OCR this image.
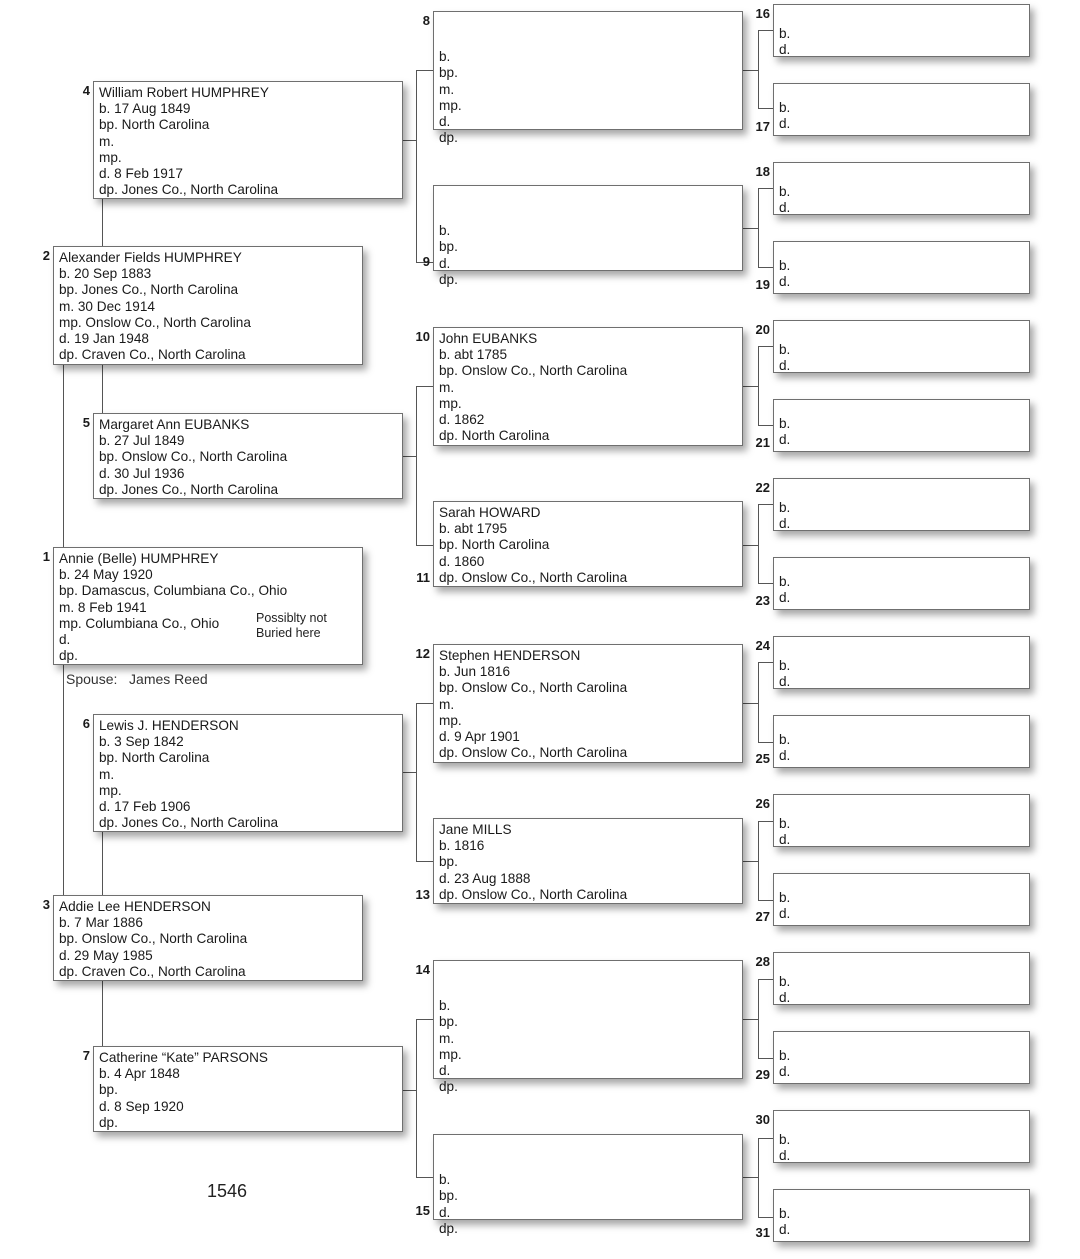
Annie (Belle) HUMPHREY
b. 24 May 1920
bp. Damascus, Columbiana Co., Ohio
m. 8 Feb 1941
mp. Columbiana Co., Ohio
d.
dp.
1
Possiblty not
Buried here
Alexander Fields HUMPHREY
b. 20 Sep 1883
bp. Jones Co., North Carolina
m. 30 Dec 1914
mp. Onslow Co., North Carolina
d. 19 Jan 1948
dp. Craven Co., North Carolina
2
Addie Lee HENDERSON
b. 7 Mar 1886
bp. Onslow Co., North Carolina
d. 29 May 1985
dp. Craven Co., North Carolina
3
William Robert HUMPHREY
b. 17 Aug 1849
bp. North Carolina
m.
mp.
d. 8 Feb 1917
dp. Jones Co., North Carolina
4
Margaret Ann EUBANKS
b. 27 Jul 1849
bp. Onslow Co., North Carolina
d. 30 Jul 1936
dp. Jones Co., North Carolina
5
Lewis J. HENDERSON
b. 3 Sep 1842
bp. North Carolina
m.
mp.
d. 17 Feb 1906
dp. Jones Co., North Carolina
6
Catherine “Kate” PARSONS
b. 4 Apr 1848
bp.
d. 8 Sep 1920
dp.
7
b.
bp.
m.
mp.
d.
dp.
8
b.
bp.
d.
dp.
9
John EUBANKS
b. abt 1785
bp. Onslow Co., North Carolina
m.
mp.
d. 1862
dp. North Carolina
10
Sarah HOWARD
b. abt 1795
bp. North Carolina
d. 1860
dp. Onslow Co., North Carolina
11
Stephen HENDERSON
b. Jun 1816
bp. Onslow Co., North Carolina
m.
mp.
d. 9 Apr 1901
dp. Onslow Co., North Carolina
12
Jane MILLS
b. 1816
bp.
d. 23 Aug 1888
dp. Onslow Co., North Carolina
13
b.
bp.
m.
mp.
d.
dp.
14
b.
bp.
d.
dp.
15
b.
d.
16
b.
d.
17
b.
d.
18
b.
d.
19
b.
d.
20
b.
d.
21
b.
d.
22
b.
d.
23
b.
d.
24
b.
d.
25
b.
d.
26
b.
d.
27
b.
d.
28
b.
d.
29
b.
d.
30
b.
d.
31
Spouse: James Reed
1546
